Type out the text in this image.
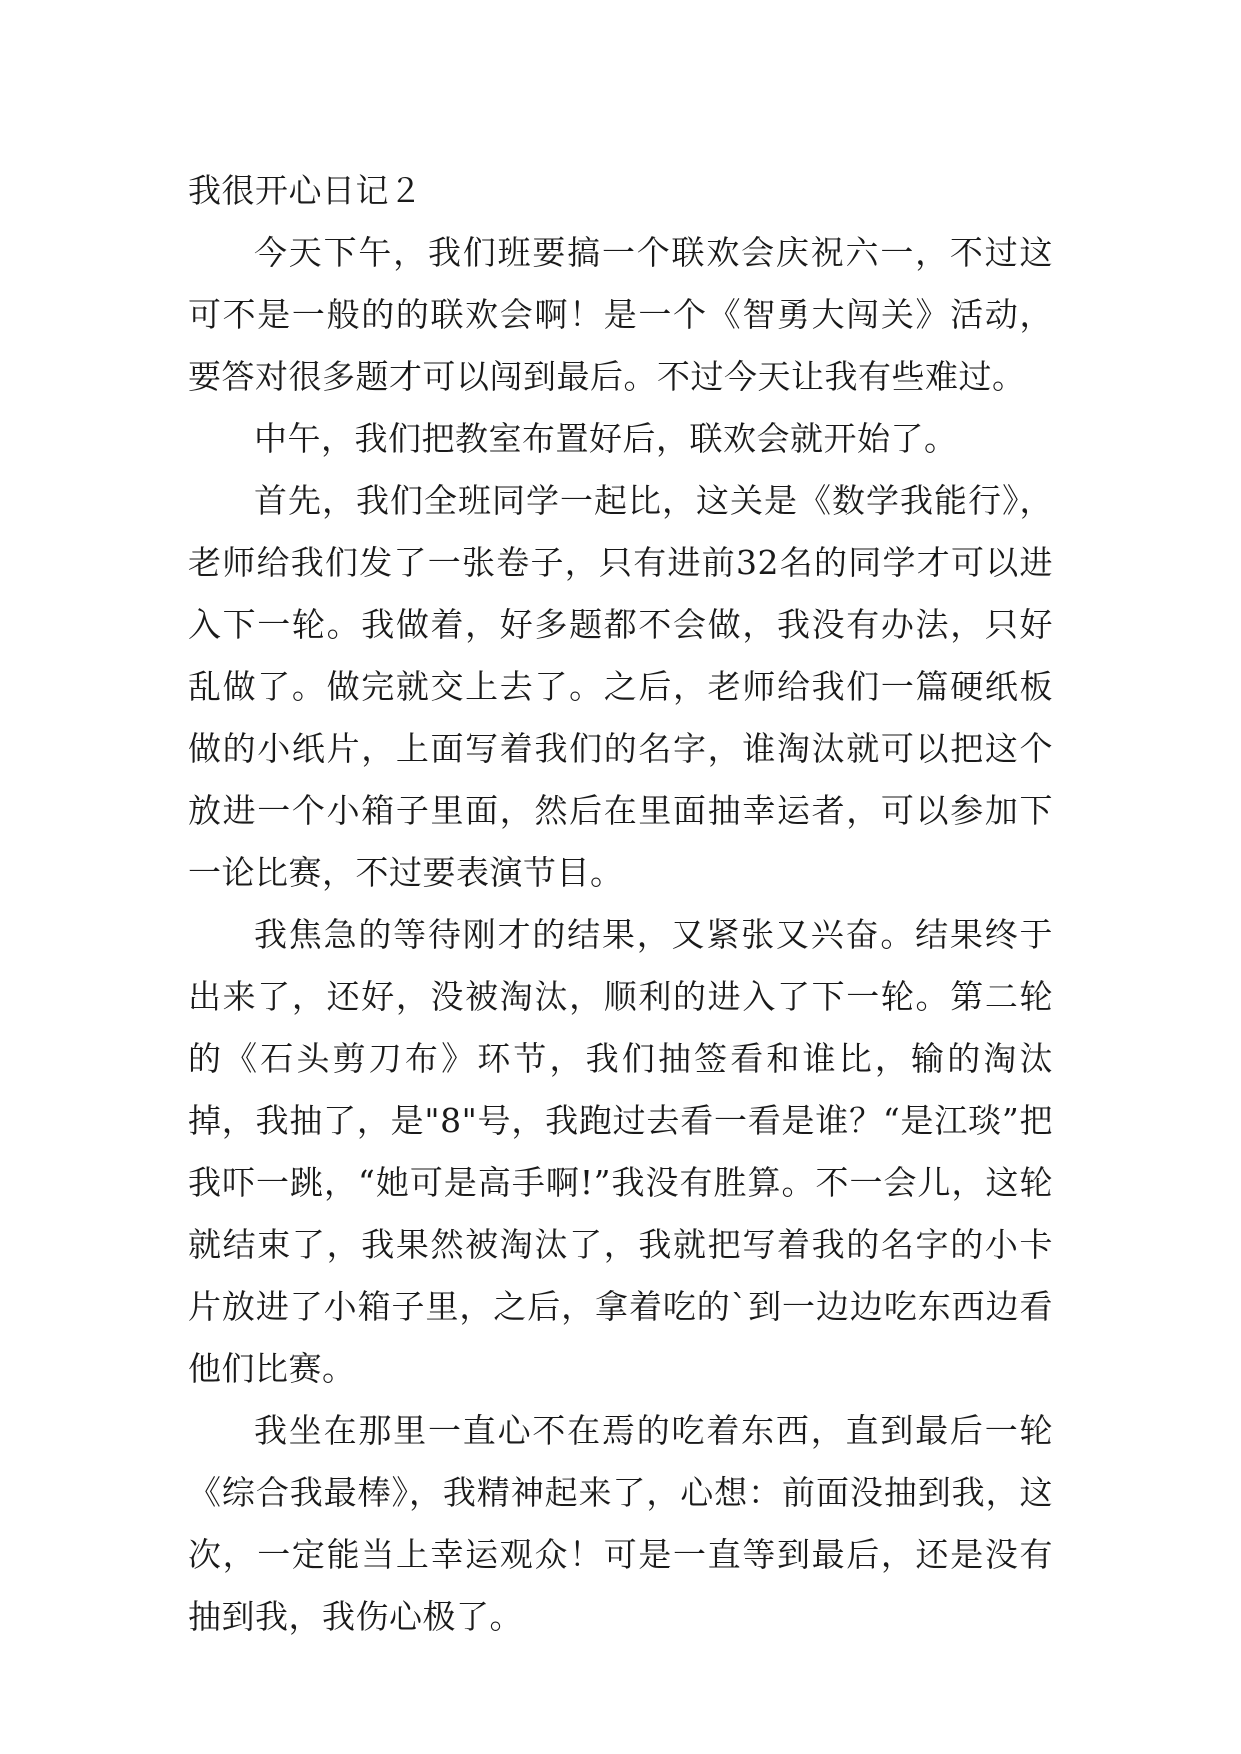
我很开心日记２

今天下午，我们班要搞一个联欢会庆祝六一，不过这可不是一般的的联欢会啊！是一个《智勇大闯关》活动，要答对很多题才可以闯到最后。不过今天让我有些难过。

中午，我们把教室布置好后，联欢会就开始了。

首先，我们全班同学一起比，这关是《数学我能行》，老师给我们发了一张卷子，只有进前32名的同学才可以进入下一轮。我做着，好多题都不会做，我没有办法，只好乱做了。做完就交上去了。之后，老师给我们一篇硬纸板做的小纸片，上面写着我们的名字，谁淘汰就可以把这个放进一个小箱子里面，然后在里面抽幸运者，可以参加下一论比赛，不过要表演节目。

我焦急的等待刚才的结果，又紧张又兴奋。结果终于出来了，还好，没被淘汰，顺利的进入了下一轮。第二轮的《石头剪刀布》环节，我们抽签看和谁比，输的淘汰掉，我抽了，是"8"号，我跑过去看一看是谁？“是江琰”把我吓一跳，“她可是高手啊!”我没有胜算。不一会儿，这轮就结束了，我果然被淘汰了，我就把写着我的名字的小卡片放进了小箱子里，之后，拿着吃的`到一边边吃东西边看他们比赛。

我坐在那里一直心不在焉的吃着东西，直到最后一轮《综合我最棒》，我精神起来了，心想：前面没抽到我，这次，一定能当上幸运观众！可是一直等到最后，还是没有抽到我，我伤心极了。
